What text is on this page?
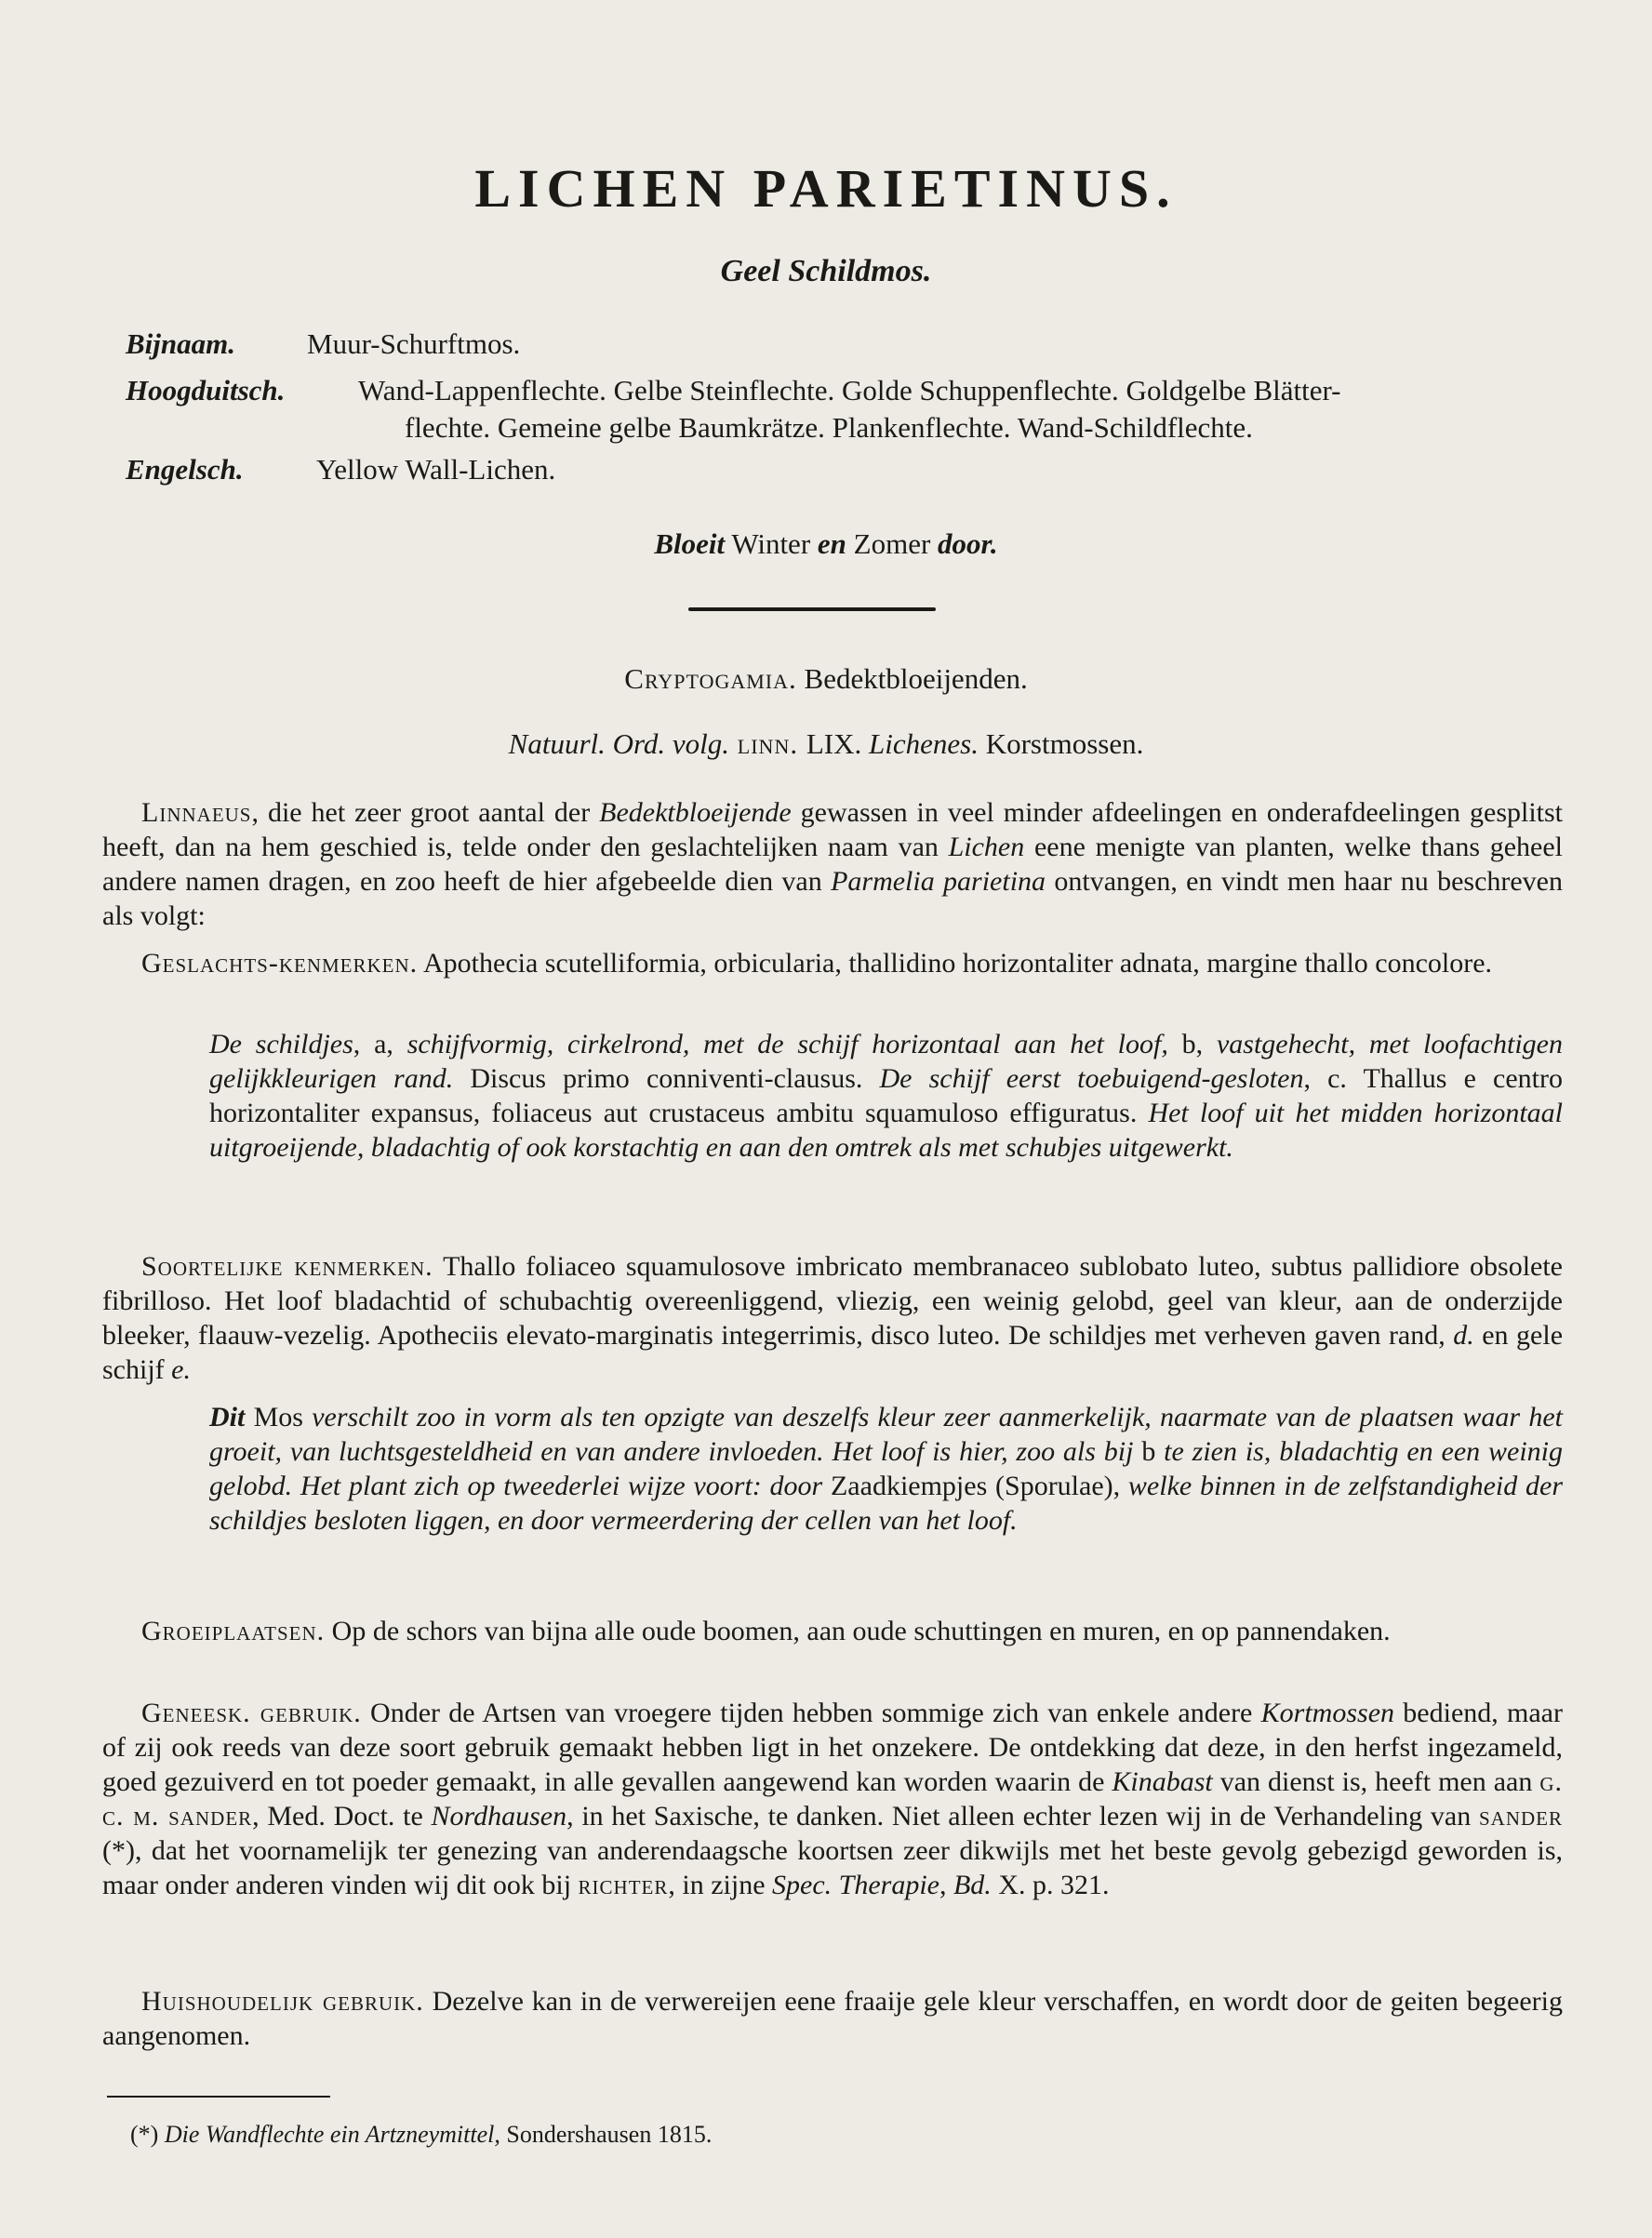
LICHEN PARIETINUS.
Geel Schildmos.
Bijnaam. Muur-Schurftmos.
Hoogduitsch.	Wand-Lappenflechte. Gelbe Steinflechte. Golde Schuppenflechte. Goldgelbe Blätter-
flechte. Gemeine gelbe Baumkrätze. Plankenflechte. Wand-Schildflechte.
Engelsch.	Yellow Wall-Lichen.
Bloeit Winter en Zomer door.
Cryptogamia. Bedektbloeijenden.
Natuurl. Ord. volg. linn. LIX. Lichenes. Korstmossen.

Linnaeus, die het zeer groot aantal der Bedektbloeijende gewassen in veel minder afdeelingen en onderafdeelingen gesplitst heeft, dan na hem geschied is, telde onder den geslachtelijken naam van Lichen eene menigte van planten, welke thans geheel andere namen dragen, en zoo heeft de hier afgebeelde dien van Parmelia parietina ontvangen, en vindt men haar nu beschreven als volgt:

Geslachts-kenmerken. Apothecia scutelliformia, orbicularia, thallidino horizontaliter adnata, margine thallo concolore.

De schildjes, a, schijfvormig, cirkelrond, met de schijf horizontaal aan het loof, b, vastgehecht, met loofachtigen gelijkkleurigen rand. Discus primo conniventi-clausus. De schijf eerst toebuigend-gesloten, c. Thallus e centro horizontaliter expansus, foliaceus aut crustaceus ambitu squamuloso effiguratus. Het loof uit het midden horizontaal uitgroeijende, bladachtig of ook korstachtig en aan den omtrek als met schubjes uitgewerkt.

Soortelijke kenmerken. Thallo foliaceo squamulosove imbricato membranaceo sublobato luteo, subtus pallidiore obsolete fibrilloso. Het loof bladachtid of schubachtig overeenliggend, vliezig, een weinig gelobd, geel van kleur, aan de onderzijde bleeker, flaauw-vezelig. Apotheciis elevato-marginatis integerrimis, disco luteo. De schildjes met verheven gaven rand, d. en gele schijf e.

Dit Mos verschilt zoo in vorm als ten opzigte van deszelfs kleur zeer aanmerkelijk, naarmate van de plaatsen waar het groeit, van luchtsgesteldheid en van andere invloeden. Het loof is hier, zoo als bij b te zien is, bladachtig en een weinig gelobd. Het plant zich op tweederlei wijze voort: door Zaadkiempjes (Sporulae), welke binnen in de zelfstandigheid der schildjes besloten liggen, en door vermeerdering der cellen van het loof.

Groeiplaatsen. Op de schors van bijna alle oude boomen, aan oude schuttingen en muren, en op pannendaken.

Geneesk. gebruik. Onder de Artsen van vroegere tijden hebben sommige zich van enkele andere Kortmossen bediend, maar of zij ook reeds van deze soort gebruik gemaakt hebben ligt in het onzekere. De ontdekking dat deze, in den herfst ingezameld, goed gezuiverd en tot poeder gemaakt, in alle gevallen aangewend kan worden waarin de Kinabast van dienst is, heeft men aan g. c. m. sander, Med. Doct. te Nordhausen, in het Saxische, te danken. Niet alleen echter lezen wij in de Verhandeling van sander (*), dat het voornamelijk ter genezing van anderendaagsche koortsen zeer dikwijls met het beste gevolg gebezigd geworden is, maar onder anderen vinden wij dit ook bij richter, in zijne Spec. Therapie, Bd. X. p. 321.

Huishoudelijk gebruik. Dezelve kan in de verwereijen eene fraaije gele kleur verschaffen, en wordt door de geiten begeerig aangenomen.

(*) Die Wandflechte ein Artzneymittel, Sondershausen 1815.
